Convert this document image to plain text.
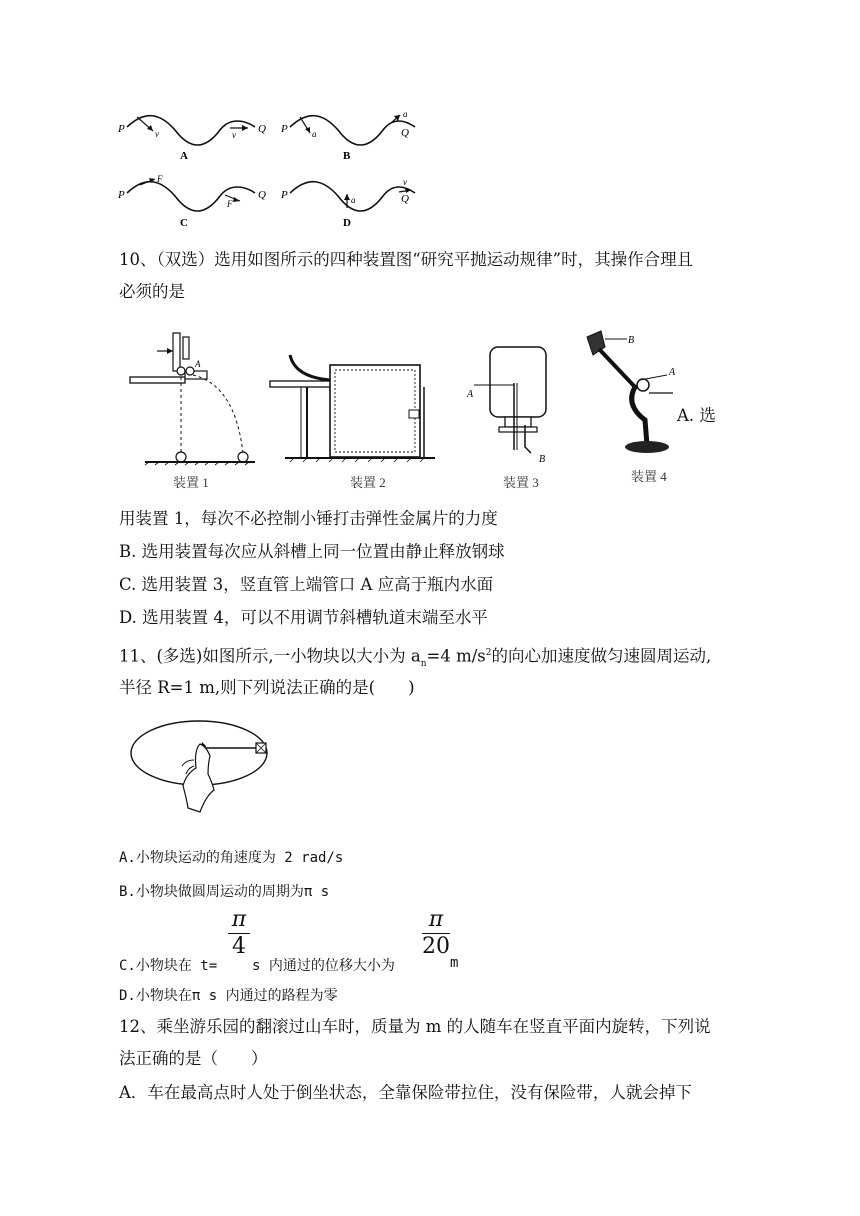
P	Q
v	v
A
P	Q
a
a
B
P	Q
F
F
C
P	Q
a
v
D
10、（双选）选用如图所示的四种装置图“研究平抛运动规律”时，其操作合理且
必须的是
A
装置 1	装置 2
A
B
装置 3
B
A
装置 4
A. 选
用装置 1，每次不必控制小锤打击弹性金属片的力度
B. 选用装置每次应从斜槽上同一位置由静止释放钢球
C. 选用装置 3，竖直管上端管口 A 应高于瓶内水面
D. 选用装置 4，可以不用调节斜槽轨道末端至水平
11、(多选)如图所示,一小物块以大小为 $a_n=4$ $m/s^2$的向心加速度做匀速圆周运动,
半径 R=1 m,则下列说法正确的是(　　)
A.小物块运动的角速度为 2 rad/s
B.小物块做圆周运动的周期为π s
π
4
π
20
C.小物块在 t= s 内通过的位移大小为	m
D.小物块在π s 内通过的路程为零
12、乘坐游乐园的翻滚过山车时，质量为 m 的人随车在竖直平面内旋转，下列说
法正确的是（　　）
A．车在最高点时人处于倒坐状态，全靠保险带拉住，没有保险带，人就会掉下
